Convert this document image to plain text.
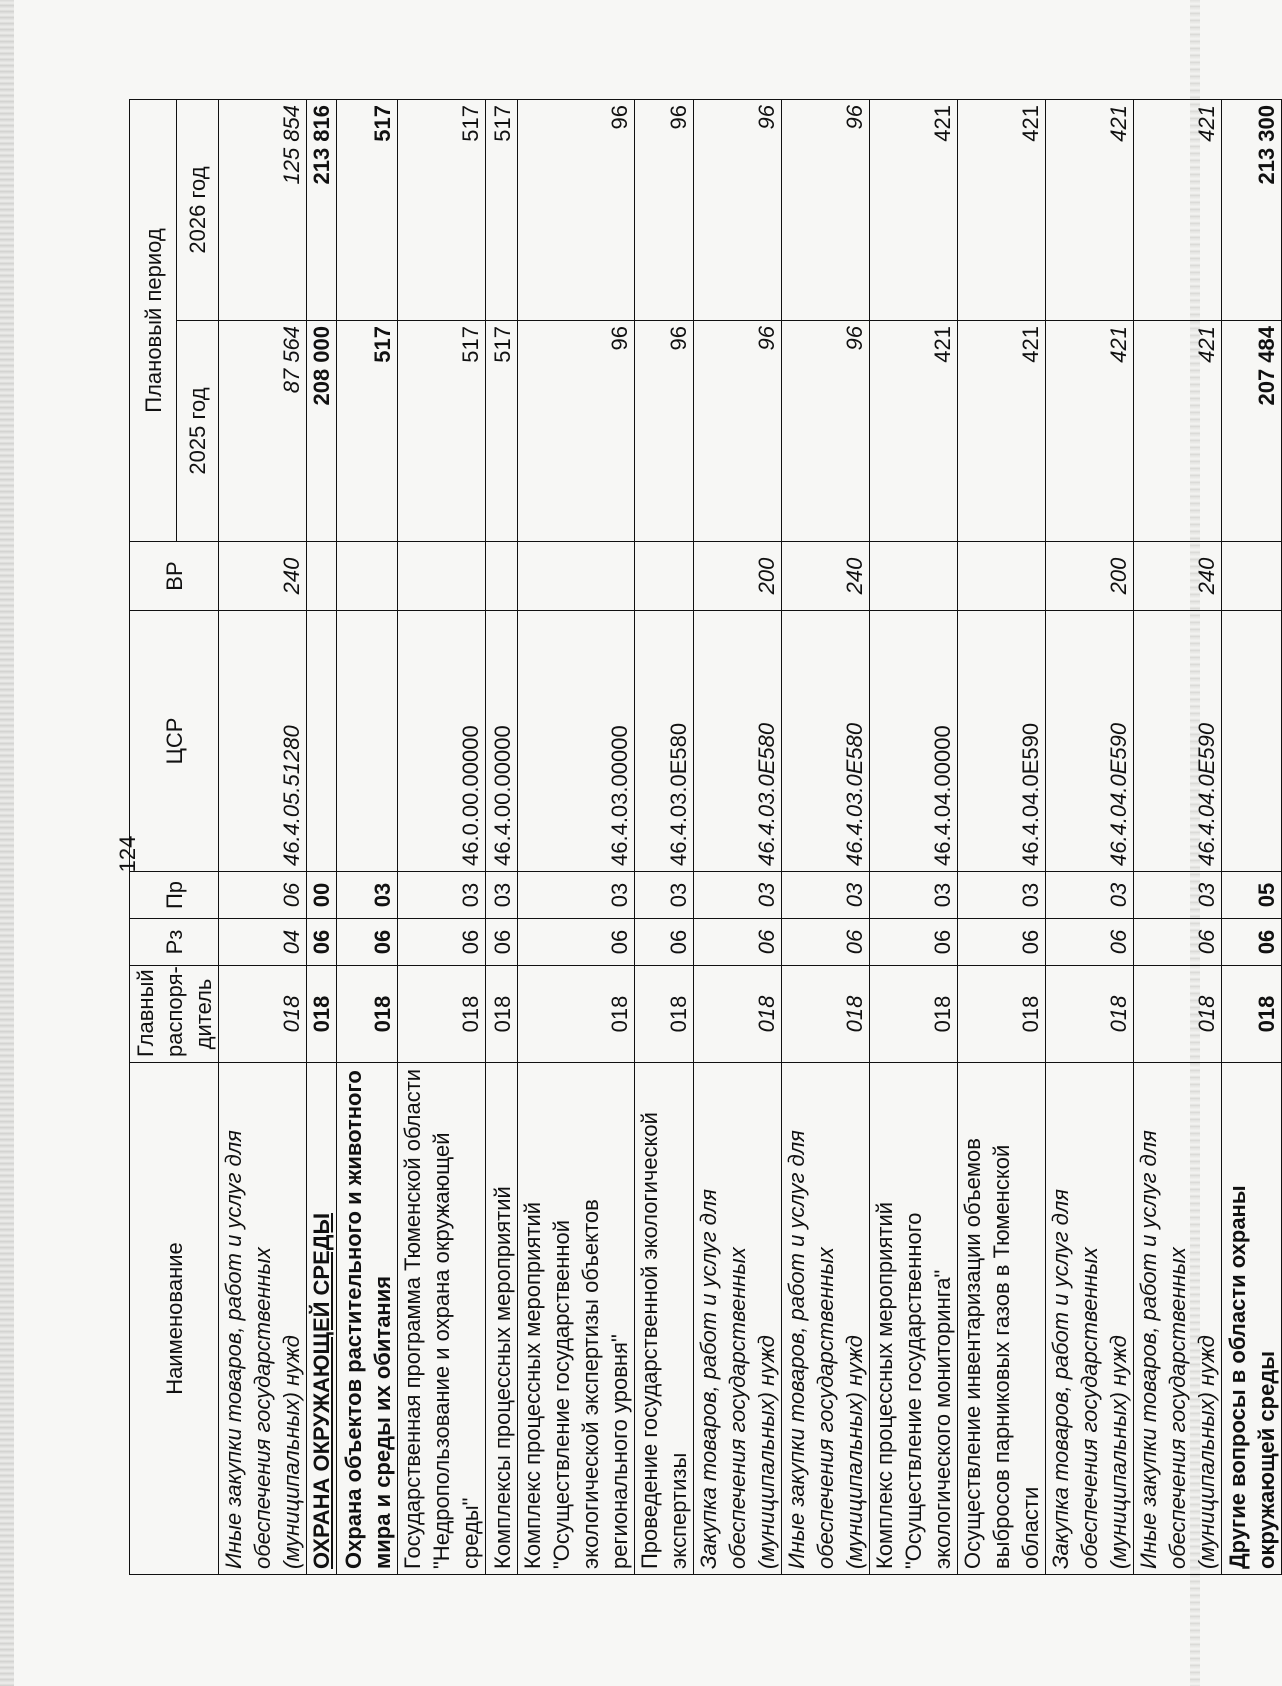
124
Наименование	Главный распоря-дитель	Рз	Пр	ЦСР	ВР	Плановый период	
						2025 год	2026 год
Иные закупки товаров, работ и услуг для обеспечения государственных (муниципальных) нужд	018	04	06	46.4.05.51280	240	87 564	125 854
ОХРАНА ОКРУЖАЮЩЕЙ СРЕДЫ	018	06	00			208 000	213 816
Охрана объектов растительного и животного мира и среды их обитания	018	06	03			517	517
Государственная программа Тюменской области "Недропользование и охрана окружающей среды"	018	06	03	46.0.00.00000		517	517
Комплексы процессных мероприятий	018	06	03	46.4.00.00000		517	517
Комплекс процессных мероприятий "Осуществление государственной экологической экспертизы объектов регионального уровня"	018	06	03	46.4.03.00000		96	96
Проведение государственной экологической экспертизы	018	06	03	46.4.03.0Е580		96	96
Закупка товаров, работ и услуг для обеспечения государственных (муниципальных) нужд	018	06	03	46.4.03.0Е580	200	96	96
Иные закупки товаров, работ и услуг для обеспечения государственных (муниципальных) нужд	018	06	03	46.4.03.0Е580	240	96	96
Комплекс процессных мероприятий "Осуществление государственного экологического мониторинга"	018	06	03	46.4.04.00000		421	421
Осуществление инвентаризации объемов выбросов парниковых газов в Тюменской области	018	06	03	46.4.04.0Е590		421	421
Закупка товаров, работ и услуг для обеспечения государственных (муниципальных) нужд	018	06	03	46.4.04.0Е590	200	421	421
Иные закупки товаров, работ и услуг для обеспечения государственных (муниципальных) нужд	018	06	03	46.4.04.0Е590	240	421	421
Другие вопросы в области охраны окружающей среды	018	06	05			207 484	213 300
